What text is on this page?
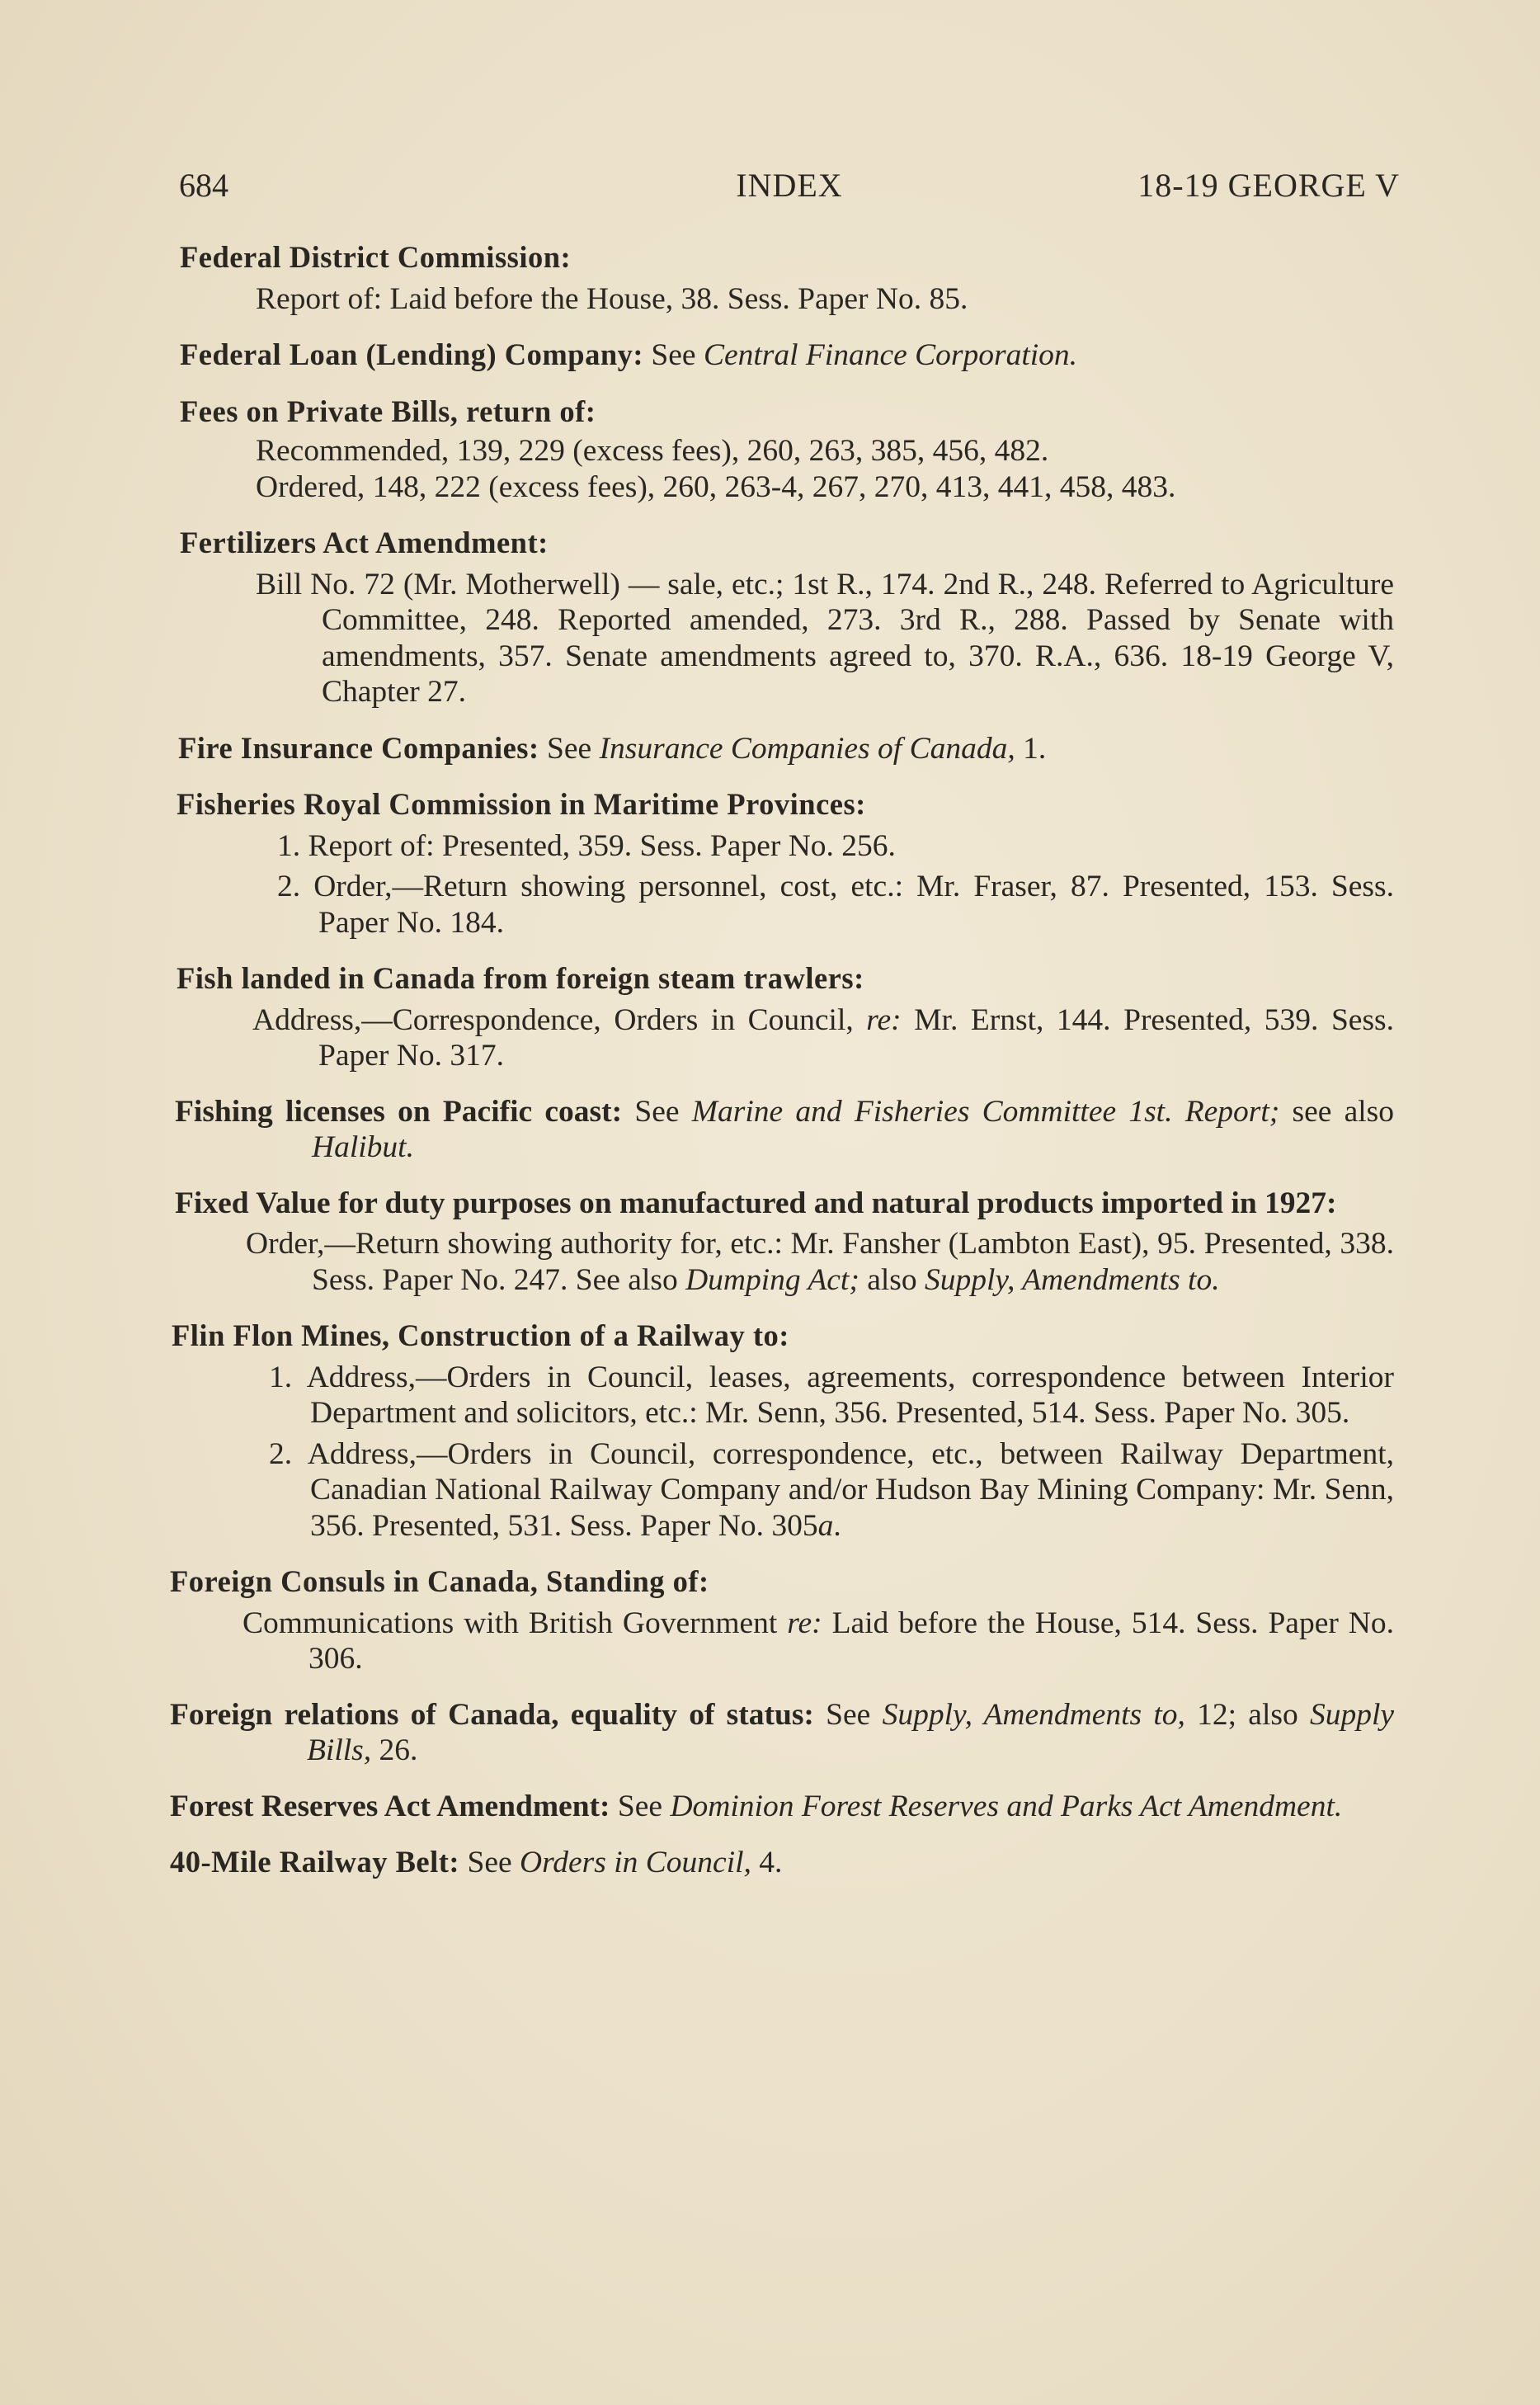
684	INDEX	18-19 GEORGE V
Federal District Commission:
Report of: Laid before the House, 38. Sess. Paper No. 85.
Federal Loan (Lending) Company: See Central Finance Corporation.
Fees on Private Bills, return of:
Recommended, 139, 229 (excess fees), 260, 263, 385, 456, 482.
Ordered, 148, 222 (excess fees), 260, 263-4, 267, 270, 413, 441, 458, 483.
Fertilizers Act Amendment:
Bill No. 72 (Mr. Motherwell) — sale, etc.; 1st R., 174. 2nd R., 248. Referred to Agriculture Committee, 248. Reported amended, 273. 3rd R., 288. Passed by Senate with amendments, 357. Senate amendments agreed to, 370. R.A., 636. 18-19 George V, Chapter 27.
Fire Insurance Companies: See Insurance Companies of Canada, 1.
Fisheries Royal Commission in Maritime Provinces:
1. Report of: Presented, 359. Sess. Paper No. 256.
2. Order,—Return showing personnel, cost, etc.: Mr. Fraser, 87. Presented, 153. Sess. Paper No. 184.
Fish landed in Canada from foreign steam trawlers:
Address,—Correspondence, Orders in Council, re: Mr. Ernst, 144. Presented, 539. Sess. Paper No. 317.
Fishing licenses on Pacific coast: See Marine and Fisheries Committee 1st. Report; see also Halibut.
Fixed Value for duty purposes on manufactured and natural products imported in 1927:
Order,—Return showing authority for, etc.: Mr. Fansher (Lambton East), 95. Presented, 338. Sess. Paper No. 247. See also Dumping Act; also Supply, Amendments to.
Flin Flon Mines, Construction of a Railway to:
1. Address,—Orders in Council, leases, agreements, correspondence between Interior Department and solicitors, etc.: Mr. Senn, 356. Presented, 514. Sess. Paper No. 305.
2. Address,—Orders in Council, correspondence, etc., between Railway Department, Canadian National Railway Company and/or Hudson Bay Mining Company: Mr. Senn, 356. Presented, 531. Sess. Paper No. 305a.
Foreign Consuls in Canada, Standing of:
Communications with British Government re: Laid before the House, 514. Sess. Paper No. 306.
Foreign relations of Canada, equality of status: See Supply, Amendments to, 12; also Supply Bills, 26.
Forest Reserves Act Amendment: See Dominion Forest Reserves and Parks Act Amendment.
40-Mile Railway Belt: See Orders in Council, 4.
